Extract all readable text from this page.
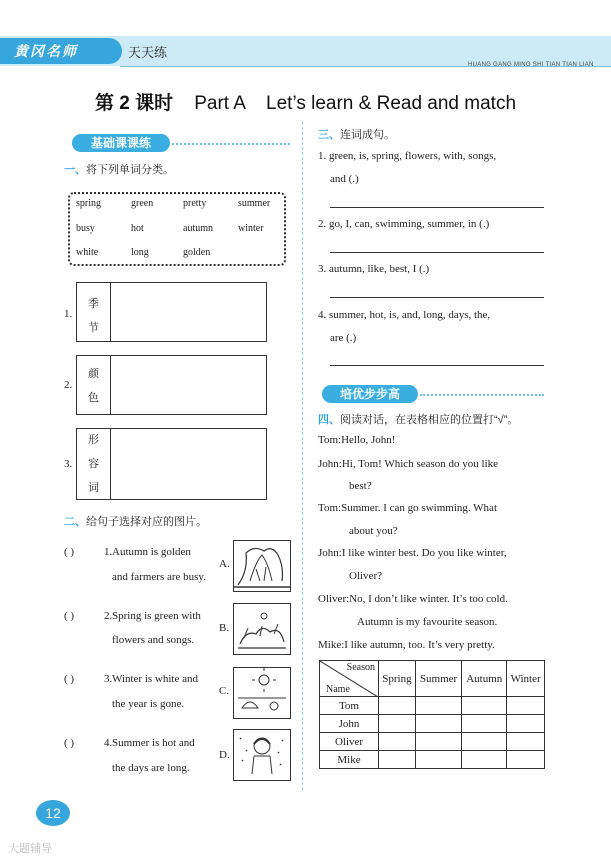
黄冈名师	天天练
HUANG GANG MING SHI TIAN TIAN LIAN
第 2 课时 Part A Let’s learn & Read and match
基础课课练
一、将下列单词分类。
spring	green	pretty	summer
busy	hot	autumn	winter
white	long	golden
1.
季
节
2.
颜
色
3.
形
容
词
二、给句子选择对应的图片。
( )	1. Autumn is golden
and farmers are busy.
A.
( )	2. Spring is green with
flowers and songs.
B.
( )	3. Winter is white and
the year is gone.
C.
( )	4. Summer is hot and
the days are long.
D.
三、连词成句。
1. green, is, spring, flowers, with, songs,
and (.)
2. go, I, can, swimming, summer, in (.)
3. autumn, like, best, I (.)
4. summer, hot, is, and, long, days, the,
are (.)
培优步步高
四、阅读对话，在表格相应的位置打“√”。
Tom:Hello, John!
John:Hi, Tom! Which season do you like
best?
Tom:Summer. I can go swimming. What
about you?
John:I like winter best. Do you like winter,
Oliver?
Oliver:No, I don’t like winter. It’s too cold.
Autumn is my favourite season.
Mike:I like autumn, too. It’s very pretty.
Season
Name	Spring	Summer	Autumn	Winter
Tom				
John				
Oliver				
Mike				
12
大题辅导
